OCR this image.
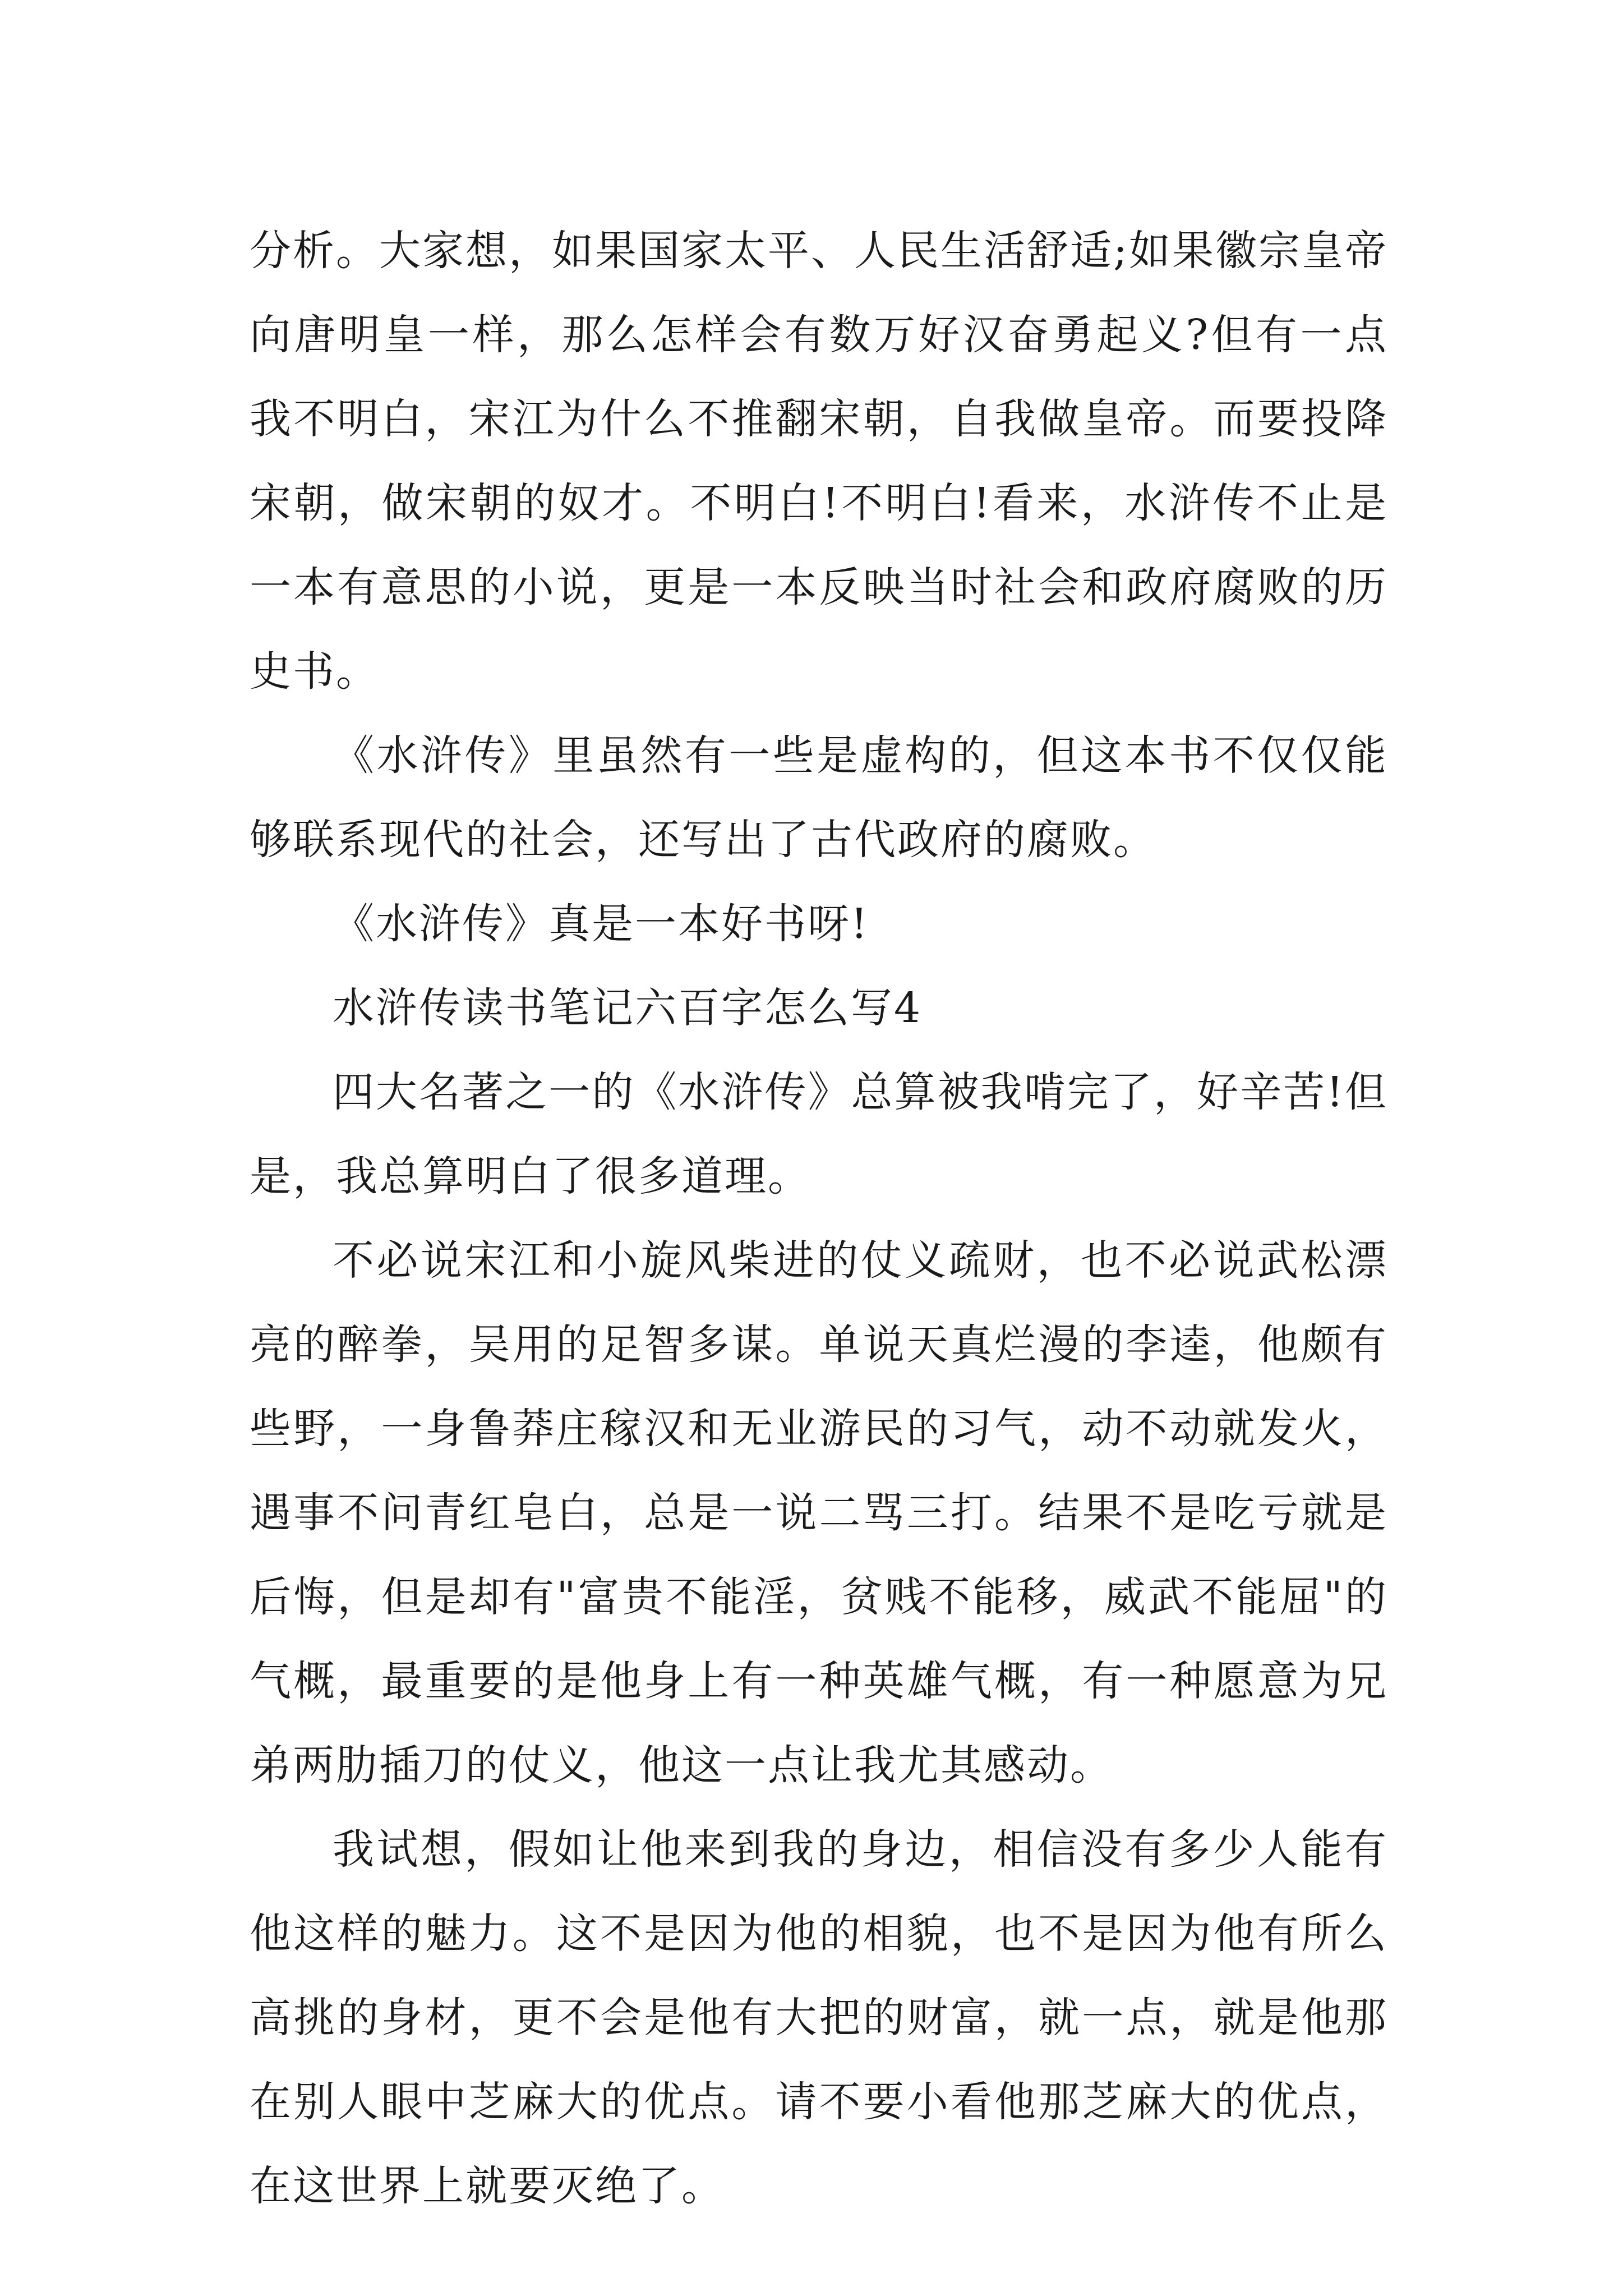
分析。大家想，如果国家太平、人民生活舒适;如果徽宗皇帝向唐明皇一样，那么怎样会有数万好汉奋勇起义?但有一点我不明白，宋江为什么不推翻宋朝，自我做皇帝。而要投降宋朝，做宋朝的奴才。不明白!不明白!看来，水浒传不止是一本有意思的小说，更是一本反映当时社会和政府腐败的历史书。

《水浒传》里虽然有一些是虚构的，但这本书不仅仅能够联系现代的社会，还写出了古代政府的腐败。

《水浒传》真是一本好书呀!

水浒传读书笔记六百字怎么写4

四大名著之一的《水浒传》总算被我啃完了，好辛苦!但是，我总算明白了很多道理。

不必说宋江和小旋风柴进的仗义疏财，也不必说武松漂亮的醉拳，吴用的足智多谋。单说天真烂漫的李逵，他颇有些野，一身鲁莽庄稼汉和无业游民的习气，动不动就发火，遇事不问青红皂白，总是一说二骂三打。结果不是吃亏就是后悔，但是却有"富贵不能淫，贫贱不能移，威武不能屈"的气概，最重要的是他身上有一种英雄气概，有一种愿意为兄弟两肋插刀的仗义，他这一点让我尤其感动。

我试想，假如让他来到我的身边，相信没有多少人能有他这样的魅力。这不是因为他的相貌，也不是因为他有所么高挑的身材，更不会是他有大把的财富，就一点，就是他那在别人眼中芝麻大的优点。请不要小看他那芝麻大的优点，在这世界上就要灭绝了。
